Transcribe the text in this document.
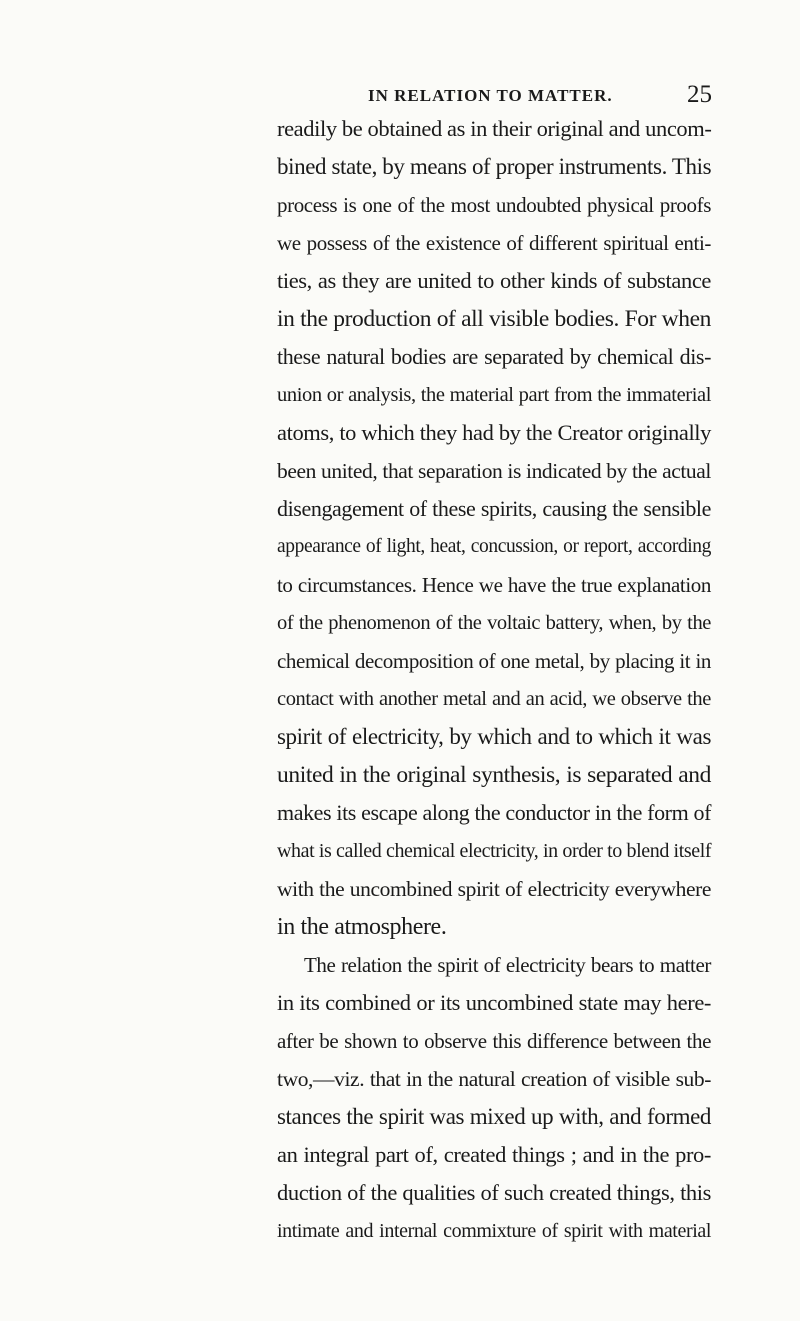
IN RELATION TO MATTER.	25
readily be obtained as in their original and uncom-
bined state, by means of proper instruments. This
process is one of the most undoubted physical proofs
we possess of the existence of different spiritual enti-
ties, as they are united to other kinds of substance
in the production of all visible bodies. For when
these natural bodies are separated by chemical dis-
union or analysis, the material part from the immaterial
atoms, to which they had by the Creator originally
been united, that separation is indicated by the actual
disengagement of these spirits, causing the sensible
appearance of light, heat, concussion, or report, according
to circumstances. Hence we have the true explanation
of the phenomenon of the voltaic battery, when, by the
chemical decomposition of one metal, by placing it in
contact with another metal and an acid, we observe the
spirit of electricity, by which and to which it was
united in the original synthesis, is separated and
makes its escape along the conductor in the form of
what is called chemical electricity, in order to blend itself
with the uncombined spirit of electricity everywhere
in the atmosphere.
The relation the spirit of electricity bears to matter
in its combined or its uncombined state may here-
after be shown to observe this difference between the
two,—viz. that in the natural creation of visible sub-
stances the spirit was mixed up with, and formed
an integral part of, created things ; and in the pro-
duction of the qualities of such created things, this
intimate and internal commixture of spirit with material
